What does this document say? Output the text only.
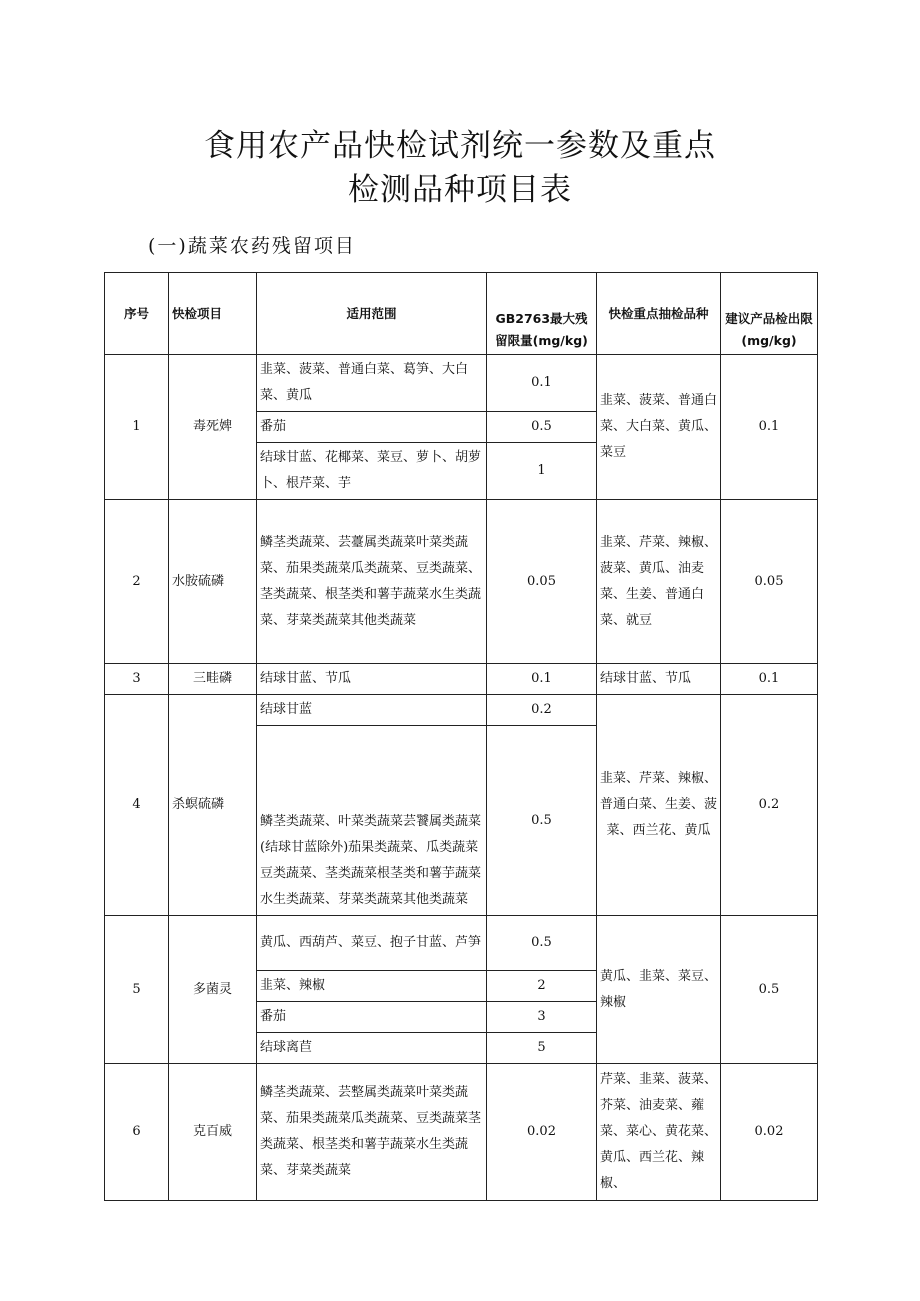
食用农产品快检试剂统一参数及重点
检测品种项目表
(一)蔬菜农药残留项目
序号	快检项目	适用范围	GB2763最大残留限量(mg/kg)	快检重点抽检品种	建议产品检出限(mg/kg)
1	毒死婢	韭菜、菠菜、普通白菜、葛笋、大白菜、黄瓜	0.1	韭菜、菠菜、普通白菜、大白菜、黄瓜、菜豆	0.1
		番茄	0.5		
		结球甘蓝、花椰菜、菜豆、萝卜、胡萝卜、根芹菜、芋	1		
2	水胺硫磷	鳞茎类蔬菜、芸薹属类蔬菜叶菜类蔬菜、茄果类蔬菜瓜类蔬菜、豆类蔬菜、茎类蔬菜、根茎类和薯芋蔬菜水生类蔬菜、芽菜类蔬菜其他类蔬菜	0.05	韭菜、芹菜、辣椒、菠菜、黄瓜、油麦菜、生姜、普通白菜、就豆	0.05
3	三畦磷	结球甘蓝、节瓜	0.1	结球甘蓝、节瓜	0.1
4	杀螟硫磷	结球甘蓝	0.2	韭菜、芹菜、辣椒、普通白菜、生姜、菠菜、西兰花、黄瓜	0.2
		鳞茎类蔬菜、叶菜类蔬菜芸饕属类蔬菜(结球甘蓝除外)茄果类蔬菜、瓜类蔬菜豆类蔬菜、茎类蔬菜根茎类和薯芋蔬菜水生类蔬菜、芽菜类蔬菜其他类蔬菜	0.5		
5	多菌灵	黄瓜、西葫芦、菜豆、抱子甘蓝、芦笋	0.5	黄瓜、韭菜、菜豆、辣椒	0.5
		韭菜、辣椒	2		
		番茄	3		
		结球离苣	5		
6	克百威	鳞茎类蔬菜、芸整属类蔬菜叶菜类蔬菜、茄果类蔬菜瓜类蔬菜、豆类蔬菜茎类蔬菜、根茎类和薯芋蔬菜水生类蔬菜、芽菜类蔬菜	0.02	芹菜、韭菜、菠菜、芥菜、油麦菜、蕹菜、菜心、黄花菜、黄瓜、西兰花、辣椒、	0.02
